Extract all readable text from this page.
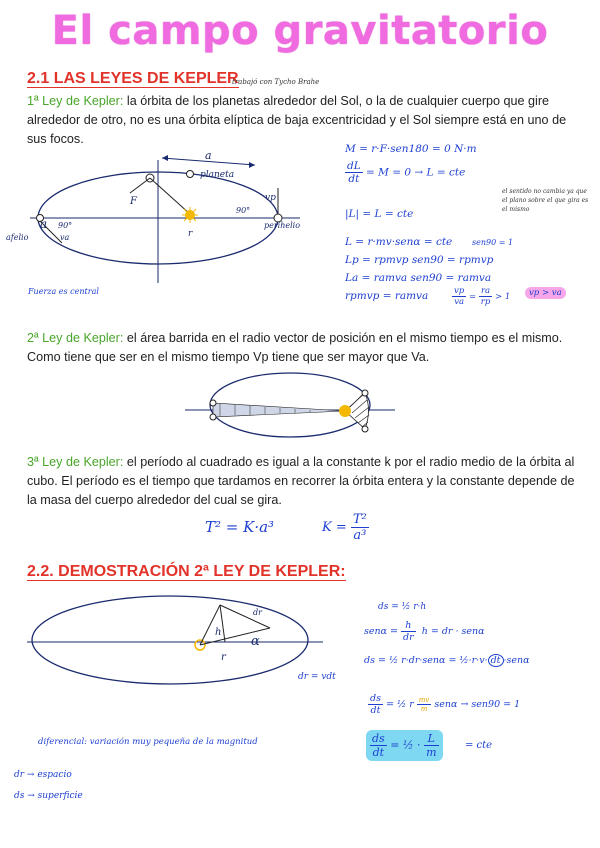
El campo gravitatorio
2.1 LAS LEYES DE KEPLER
trabajó con Tycho Brahe
1ª Ley de Kepler: la órbita de los planetas alrededor del Sol, o la de cualquier cuerpo que gire alrededor de otro, no es una órbita elíptica de baja excentricidad y el Sol siempre está en uno de sus focos.
a
planeta
F
r
90°
vp
perihelio
a 90°
va
afelio
Fuerza es central
M = r·F·sen180 = 0 N·m
$\frac{dL}{dt} = M = 0 \to L$ = cte
el sentido no cambia ya que el plano sobre el que gira es el mismo
|L| = L = cte
L = r·mv·senα = cte sen90 = 1
Lp = rpmvp sen90 = rpmvp
La = ramva sen90 = ramva
rpmvp = ramva	$\frac{vp}{va} = \frac{ra}{rp} > 1$	vp > va
2ª Ley de Kepler: el área barrida en el radio vector de posición en el mismo tiempo es el mismo. Como tiene que ser en el mismo tiempo Vp tiene que ser mayor que Va.
3ª Ley de Kepler: el período al cuadrado es igual a la constante k por el radio medio de la órbita al cubo. El período es el tiempo que tardamos en recorrer la órbita entera y la constante depende de la masa del cuerpo alrededor del cual se gira.
T² = K·a³	$K = \frac{\text{T²}}{\text{a³}}$
2.2. DEMOSTRACIÓN 2ª LEY DE KEPLER:
h
α
dr
r
ds = ½ r·h
$sen\alpha = \frac{h}{dr}$ h = dr · senα
ds = ½ r·dr·senα = ½·r·v· dt ·senα
dr = vdt
$\frac{ds}{dt}$ = ½ r $\frac{mv}{m}$ senα → sen90 = 1
$\frac{ds}{dt}$ = ½ · $\frac{L}{m}$	= cte
diferencial: variación muy pequeña de la magnitud
dr → espacio
ds → superficie
